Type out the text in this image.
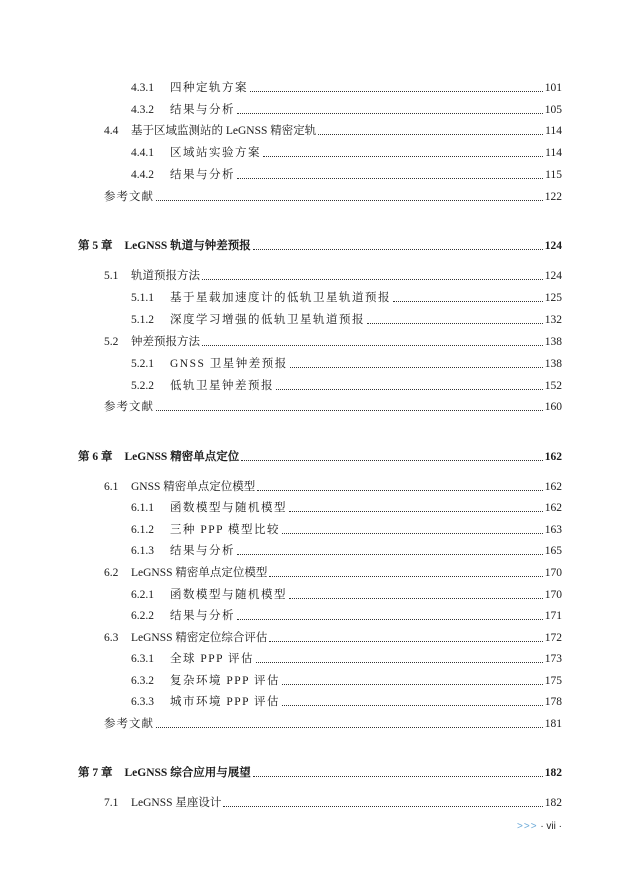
4.3.1	四种定轨方案	101
4.3.2	结果与分析	105
4.4	基于区域监测站的 LeGNSS 精密定轨	114
4.4.1	区域站实验方案	114
4.4.2	结果与分析	115
参考文献	122
第 5 章 LeGNSS 轨道与钟差预报	124
5.1	轨道预报方法	124
5.1.1	基于星载加速度计的低轨卫星轨道预报	125
5.1.2	深度学习增强的低轨卫星轨道预报	132
5.2	钟差预报方法	138
5.2.1	GNSS 卫星钟差预报	138
5.2.2	低轨卫星钟差预报	152
参考文献	160
第 6 章 LeGNSS 精密单点定位	162
6.1	GNSS 精密单点定位模型	162
6.1.1	函数模型与随机模型	162
6.1.2	三种 PPP 模型比较	163
6.1.3	结果与分析	165
6.2	LeGNSS 精密单点定位模型	170
6.2.1	函数模型与随机模型	170
6.2.2	结果与分析	171
6.3	LeGNSS 精密定位综合评估	172
6.3.1	全球 PPP 评估	173
6.3.2	复杂环境 PPP 评估	175
6.3.3	城市环境 PPP 评估	178
参考文献	181
第 7 章 LeGNSS 综合应用与展望	182
7.1	LeGNSS 星座设计	182
>>> · vii ·
